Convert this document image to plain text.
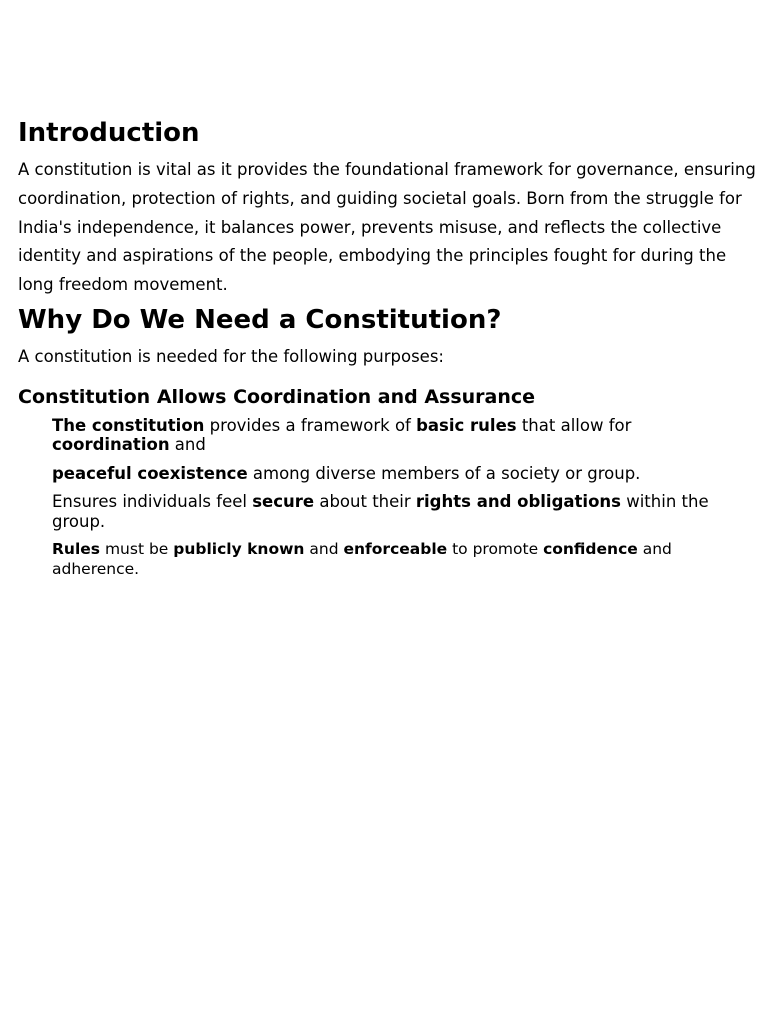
Introduction

A constitution is vital as it provides the foundational framework for governance, ensuring coordination, protection of rights, and guiding societal goals. Born from the struggle for India's independence, it balances power, prevents misuse, and reflects the collective identity and aspirations of the people, embodying the principles fought for during the long freedom movement.

Why Do We Need a Constitution?

A constitution is needed for the following purposes:

Constitution Allows Coordination and Assurance
The constitution provides a framework of basic rules that allow for
coordination and
peaceful coexistence among diverse members of a society or group.
Ensures individuals feel secure about their rights and obligations within the group.
Rules must be publicly known and enforceable to promote confidence and adherence.
